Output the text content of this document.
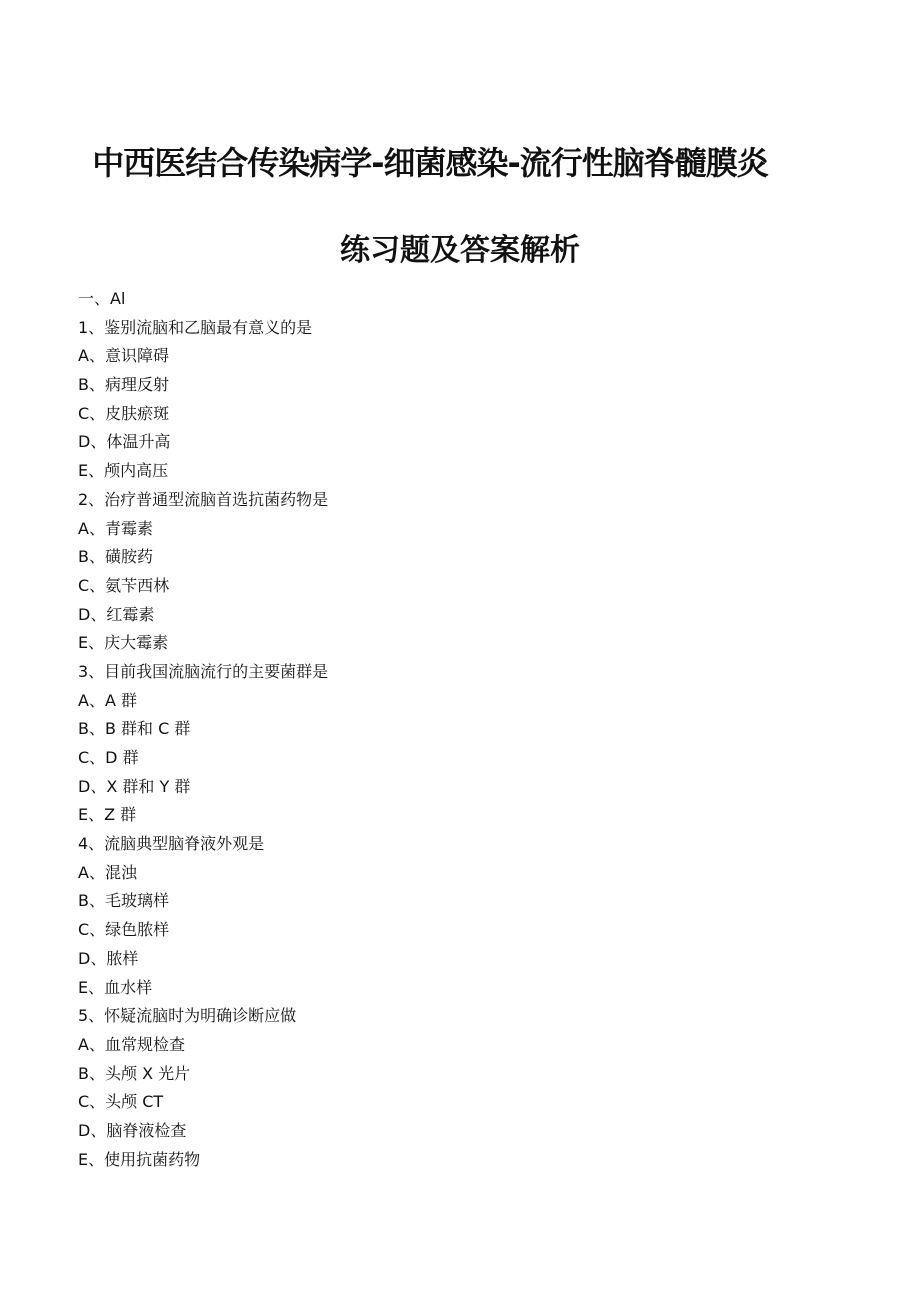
中西医结合传染病学-细菌感染-流行性脑脊髓膜炎
练习题及答案解析
一、Al
1、鉴别流脑和乙脑最有意义的是
A、意识障碍
B、病理反射
C、皮肤瘀斑
D、体温升高
E、颅内高压
2、治疗普通型流脑首选抗菌药物是
A、青霉素
B、磺胺药
C、氨苄西林
D、红霉素
E、庆大霉素
3、目前我国流脑流行的主要菌群是
A、A 群
B、B 群和 C 群
C、D 群
D、X 群和 Y 群
E、Z 群
4、流脑典型脑脊液外观是
A、混浊
B、毛玻璃样
C、绿色脓样
D、脓样
E、血水样
5、怀疑流脑时为明确诊断应做
A、血常规检查
B、头颅 X 光片
C、头颅 CT
D、脑脊液检查
E、使用抗菌药物
